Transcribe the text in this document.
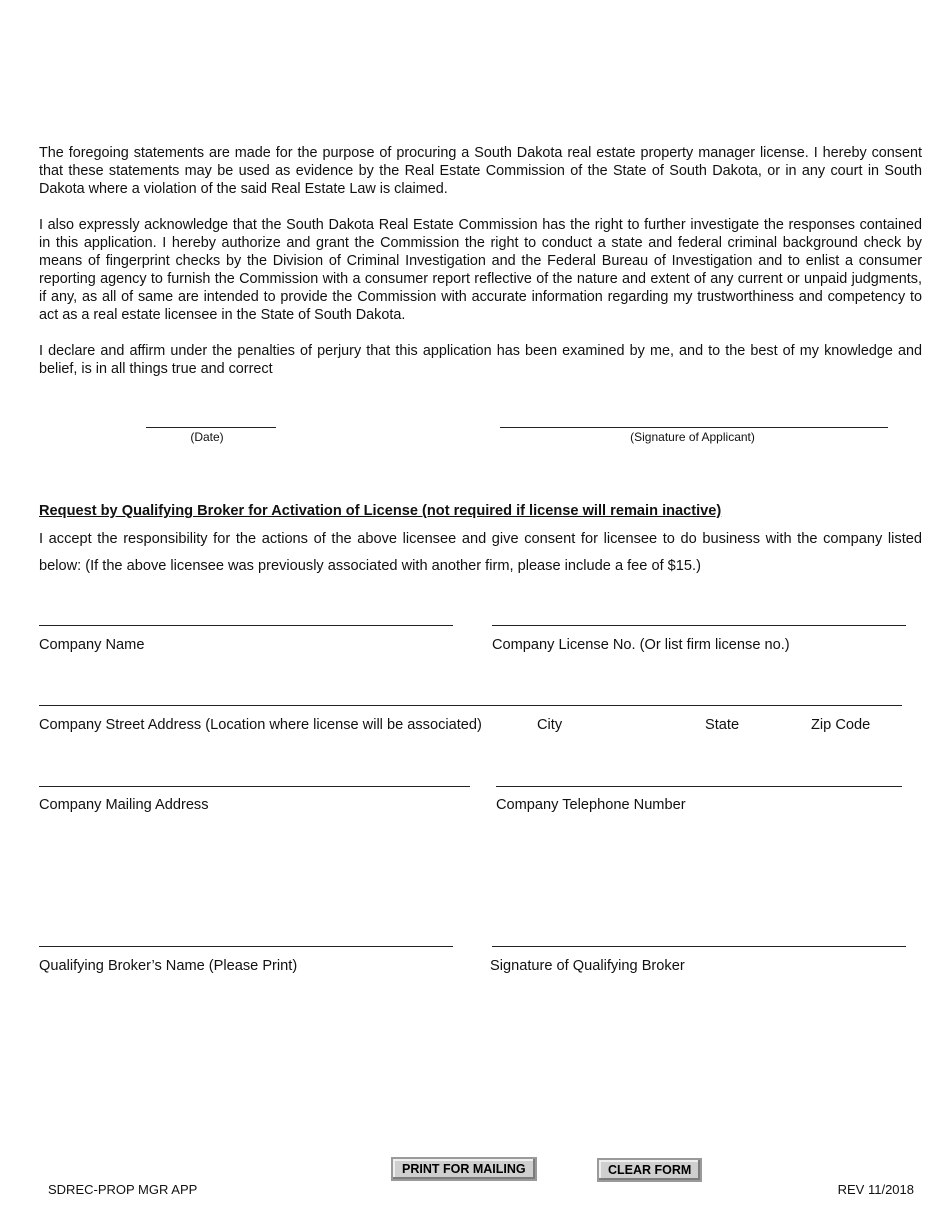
The foregoing statements are made for the purpose of procuring a South Dakota real estate property manager license. I hereby consent that these statements may be used as evidence by the Real Estate Commission of the State of South Dakota, or in any court in South Dakota where a violation of the said Real Estate Law is claimed.

I also expressly acknowledge that the South Dakota Real Estate Commission has the right to further investigate the responses contained in this application. I hereby authorize and grant the Commission the right to conduct a state and federal criminal background check by means of fingerprint checks by the Division of Criminal Investigation and the Federal Bureau of Investigation and to enlist a consumer reporting agency to furnish the Commission with a consumer report reflective of the nature and extent of any current or unpaid judgments, if any, as all of same are intended to provide the Commission with accurate information regarding my trustworthiness and competency to act as a real estate licensee in the State of South Dakota.

I declare and affirm under the penalties of perjury that this application has been examined by me, and to the best of my knowledge and belief, is in all things true and correct

(Date)	(Signature of Applicant)
Request by Qualifying Broker for Activation of License (not required if license will remain inactive)

I accept the responsibility for the actions of the above licensee and give consent for licensee to do business with the company listed below: (If the above licensee was previously associated with another firm, please include a fee of $15.)

Company Name	Company License No. (Or list firm license no.)
Company Street Address (Location where license will be associated)	City	State	Zip Code
Company Mailing Address	Company Telephone Number
Qualifying Broker’s Name (Please Print)	Signature of Qualifying Broker
PRINT FOR MAILING	CLEAR FORM
SDREC-PROP MGR APP	REV 11/2018
